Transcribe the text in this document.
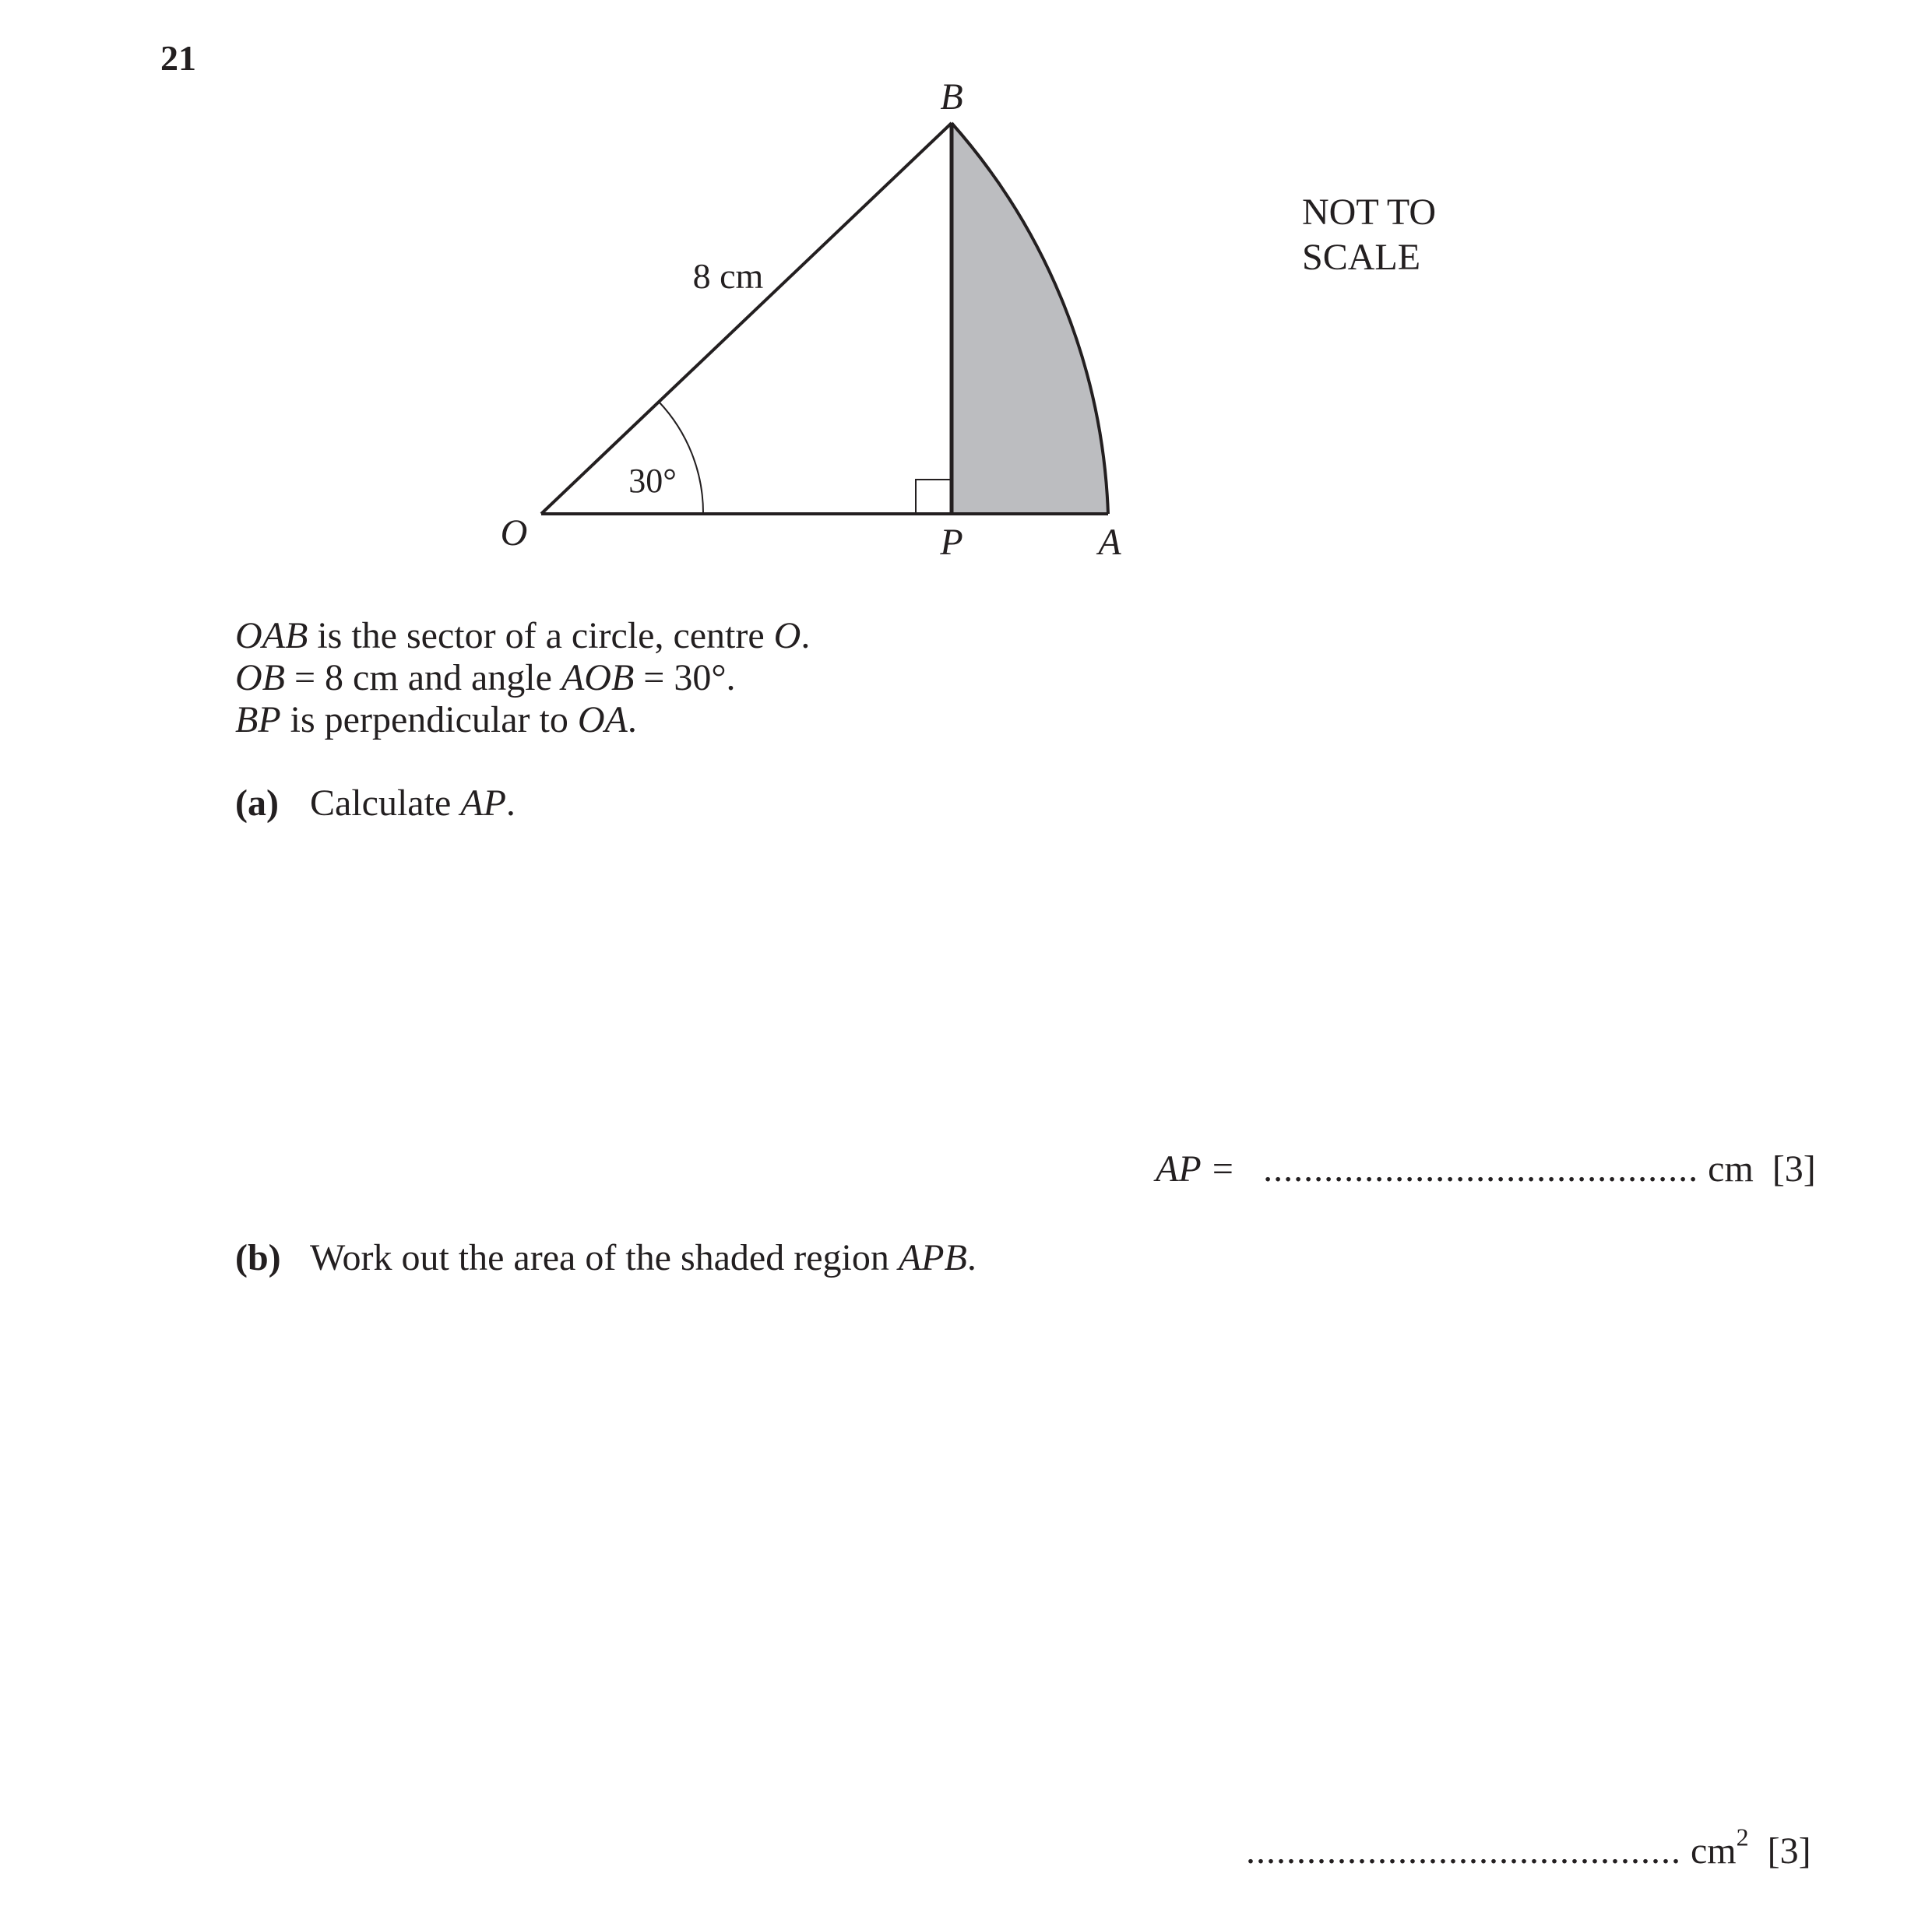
21
B
O	P	A
8 cm
30°
NOT TO
SCALE
OAB is the sector of a circle, centre O.
OB = 8 cm and angle AOB = 30°.
BP is perpendicular to OA.
(a) Calculate AP.
AP = ........................................... cm [3]
(b) Work out the area of the shaded region APB.
........................................... $cm^2$ [3]
